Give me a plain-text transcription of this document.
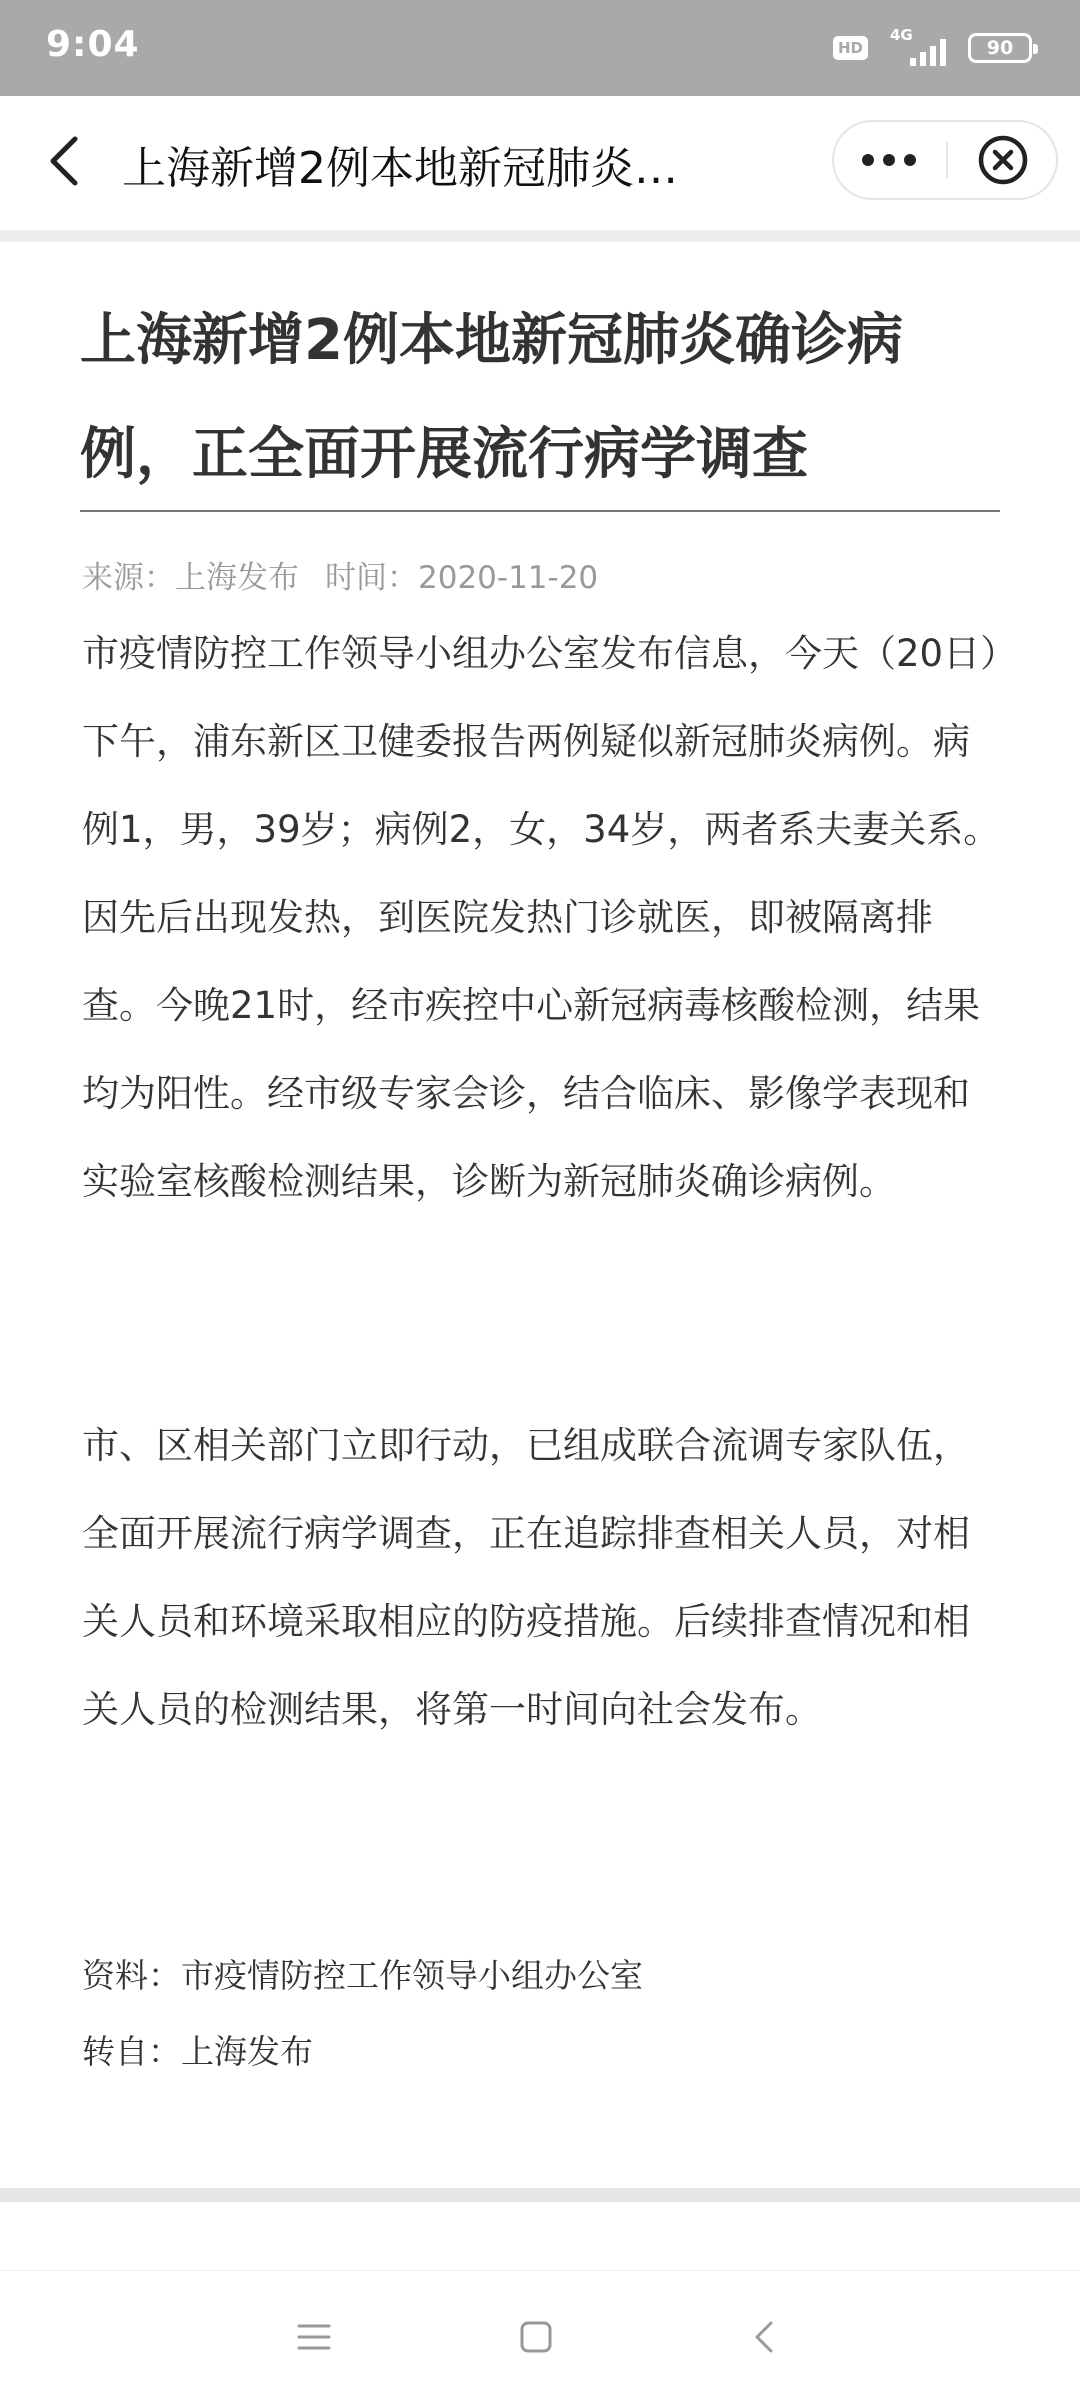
9:04	HD
4G
90
上海新增2例本地新冠肺炎…
上海新增2例本地新冠肺炎确诊病例，正全面开展流行病学调查
来源：上海发布 时间：2020-11-20

市疫情防控工作领导小组办公室发布信息，今天（20日）下午，浦东新区卫健委报告两例疑似新冠肺炎病例。病例1，男，39岁；病例2，女，34岁，两者系夫妻关系。因先后出现发热，到医院发热门诊就医，即被隔离排查。今晚21时，经市疾控中心新冠病毒核酸检测，结果均为阳性。经市级专家会诊，结合临床、影像学表现和实验室核酸检测结果，诊断为新冠肺炎确诊病例。

市、区相关部门立即行动，已组成联合流调专家队伍，全面开展流行病学调查，正在追踪排查相关人员，对相关人员和环境采取相应的防疫措施。后续排查情况和相关人员的检测结果，将第一时间向社会发布。

资料：市疫情防控工作领导小组办公室
转自：上海发布
